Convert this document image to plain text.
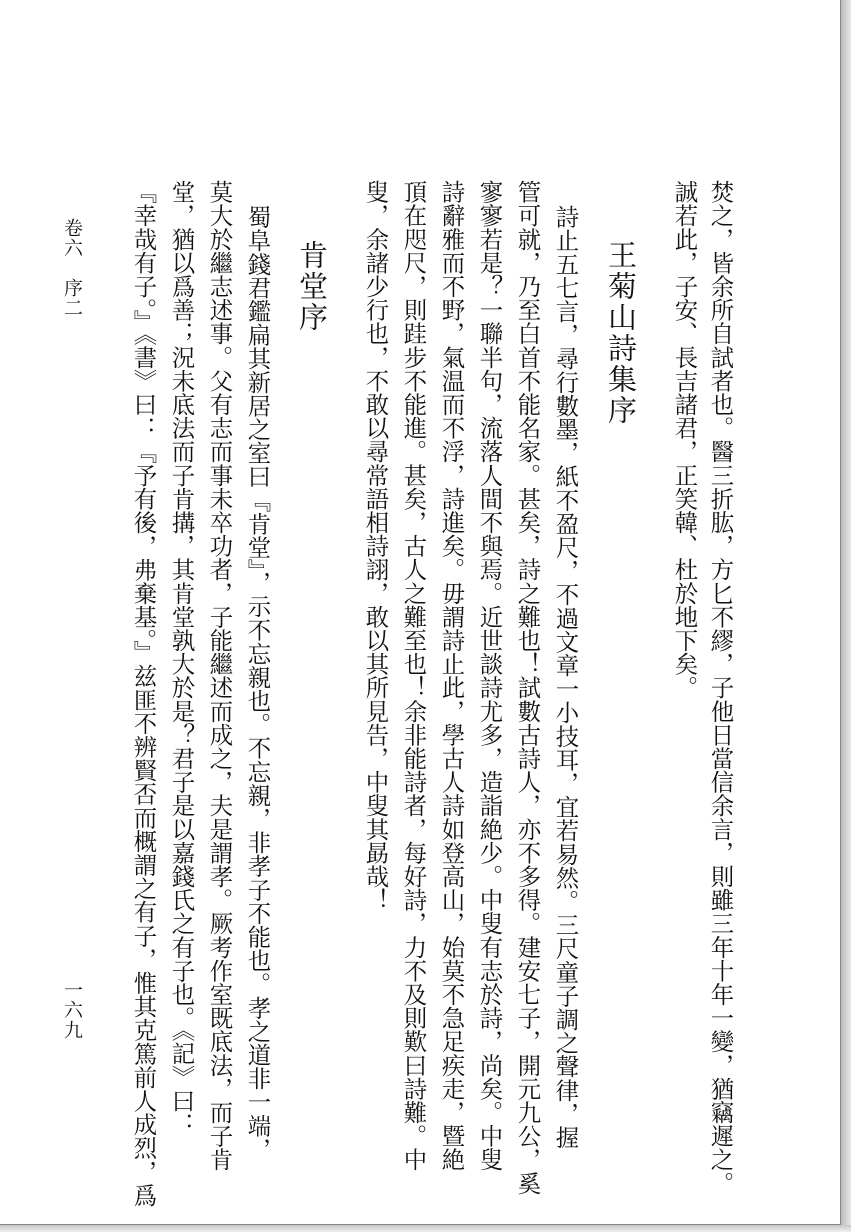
焚之，皆余所自試者也。醫三折肱，方匕不繆，子他日當信余言，則雖三年十年一變，猶竊遲之。
誠若此，子安、長吉諸君，正笑韓、杜於地下矣。
王菊山詩集序
詩止五七言，尋行數墨，紙不盈尺，不過文章一小技耳，宜若易然。三尺童子調之聲律，握
管可就，乃至白首不能名家。甚矣，詩之難也！試數古詩人，亦不多得。建安七子，開元九公，奚
寥寥若是？一聯半句，流落人間不與焉。近世談詩尤多，造詣絶少。中叟有志於詩，尚矣。中叟
詩辭雅而不野，氣温而不浮，詩進矣。毋謂詩止此，學古人詩如登高山，始莫不急足疾走，暨絶
頂在咫尺，則跬步不能進。甚矣，古人之難至也！余非能詩者，每好詩，力不及則歎曰詩難。中
叟，余諸少行也，不敢以尋常語相詩詡，敢以其所見告，中叟其勗哉！
肯堂序
蜀阜錢君鑑扁其新居之室曰『肯堂』，示不忘親也。不忘親，非孝子不能也。孝之道非一端，
莫大於繼志述事。父有志而事未卒功者，子能繼述而成之，夫是謂孝。厥考作室既底法，而子肯
堂，猶以爲善；況未底法而子肯搆，其肯堂孰大於是？君子是以嘉錢氏之有子也。《記》曰：
『幸哉有子。』《書》曰：『予有後，弗棄基。』兹匪不辨賢否而概謂之有子，惟其克篤前人成烈，爲
卷六　序二
一六九
